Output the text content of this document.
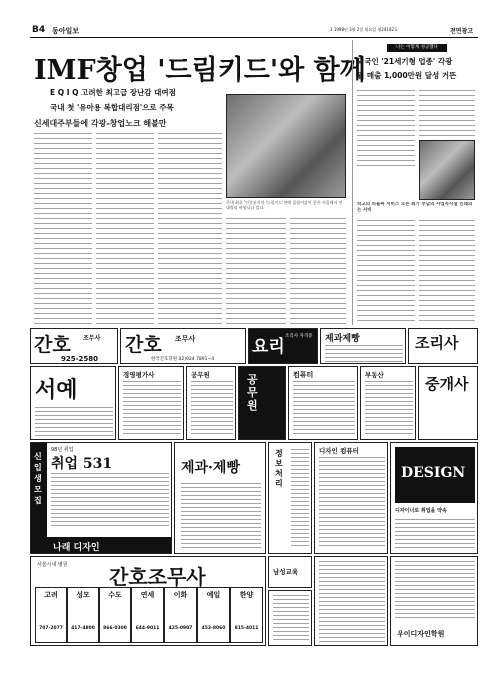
B4 동아일보	3 1998년 3월 2일 월요일 제24102호	전면광고
IMF창업 '드림키드'와 함께
E Q I Q 고려한 최고급 장난감 대여점
국내 첫 '유아용 복합대리점'으로 주목
신세대주부들에 각광-창업노크 해볼만
주내 최초 '인플롯식의 '드림키드'전에 몰렸어갔어 좋은 서울에서 인대정리 바합니다 있다.
나는 이렇게 성공했다
외국인 '21세기형 업종' 각광
월 매출 1,000만원 달성 거뜬
학고의 피돌짜 서비스 오픈 최기 부담의 사업자시설 인쇄의는 서비
간호 조무사
925-2580
간호 조무사
한국간호학원 02)924 7891~4
요리
조리사 자격증	제과제빵	조리사
서예
경영평가사	공무원	공무원
컴퓨터	부동산	중개사
신입생 모집
98년 취업
취업 531
나래 디자인
제과·제빵
정보처리
디자인 컴퓨터
DESIGN
디자이너로 취업을 약속
남성교육
우이디자인학원
서울시내 병원 간호조무사
고려
707-2077
성모
417-4800
수도
866-0300
연세
644-9011
이화
425-0907
예일
453-8060
한양
815-4011
